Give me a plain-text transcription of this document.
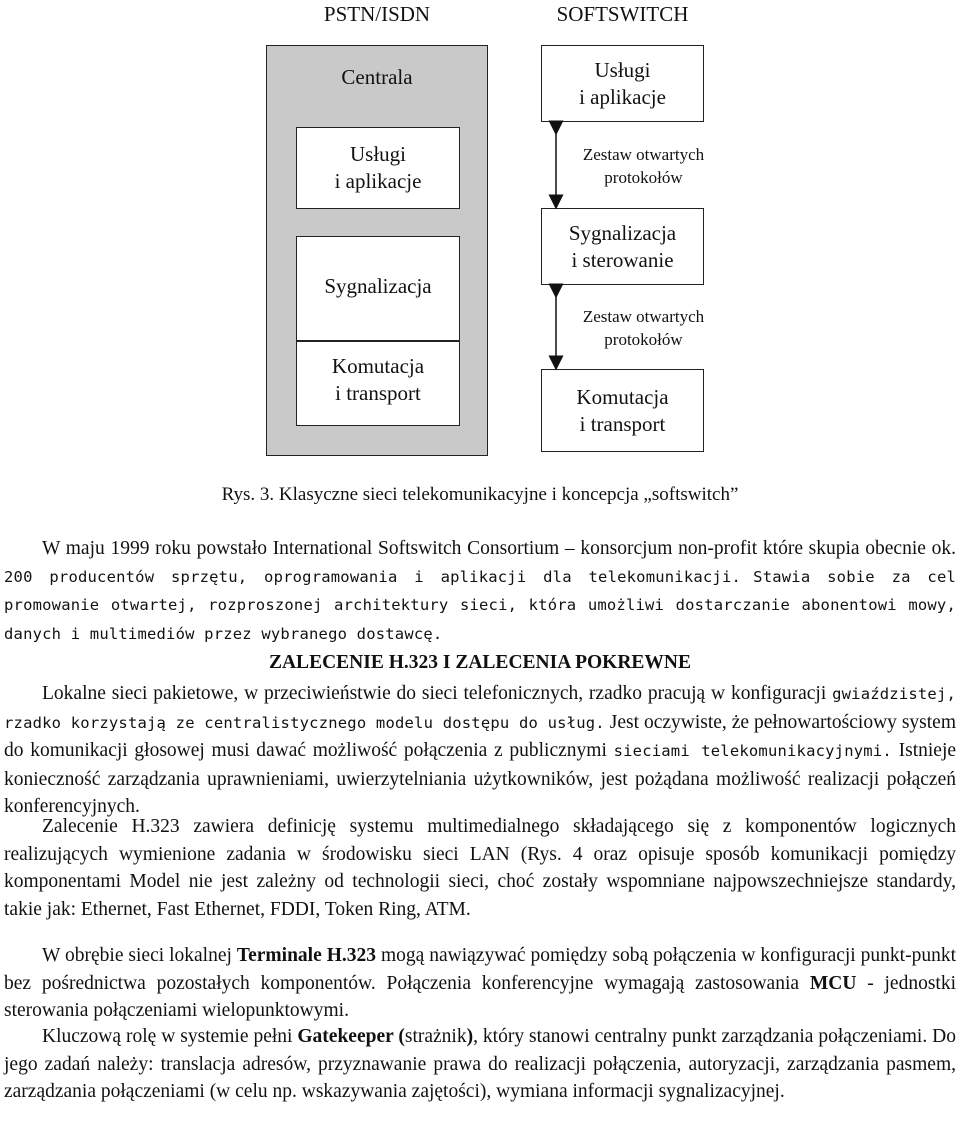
PSTN/ISDN	SOFTSWITCH
Centrala
Usługi
i aplikacje
Sygnalizacja
Komutacja
i transport
Usługi
i aplikacje
Zestaw otwartych
protokołów
Sygnalizacja
i sterowanie
Zestaw otwartych
protokołów
Komutacja
i transport
Rys. 3. Klasyczne sieci telekomunikacyjne i koncepcja „softswitch”

W maju 1999 roku powstało International Softswitch Consortium – konsorcjum non-profit które skupia obecnie ok. 200 producentów sprzętu, oprogramowania i aplikacji dla telekomunikacji. Stawia sobie za cel promowanie otwartej, rozproszonej architektury sieci, która umożliwi dostarczanie abonentowi mowy, danych i multimediów przez wybranego dostawcę.

ZALECENIE H.323 I ZALECENIA POKREWNE

Lokalne sieci pakietowe, w przeciwieństwie do sieci telefonicznych, rzadko pracują w konfiguracji gwiaździstej, rzadko korzystają ze centralistycznego modelu dostępu do usług. Jest oczywiste, że pełnowartościowy system do komunikacji głosowej musi dawać możliwość połączenia z publicznymi sieciami telekomunikacyjnymi. Istnieje konieczność zarządzania uprawnieniami, uwierzytelniania użytkowników, jest pożądana możliwość realizacji połączeń konferencyjnych.

Zalecenie H.323 zawiera definicję systemu multimedialnego składającego się z komponentów logicznych realizujących wymienione zadania w środowisku sieci LAN (Rys. 4 oraz opisuje sposób komunikacji pomiędzy komponentami Model nie jest zależny od technologii sieci, choć zostały wspomniane najpowszechniejsze standardy, takie jak: Ethernet, Fast Ethernet, FDDI, Token Ring, ATM.

W obrębie sieci lokalnej Terminale H.323 mogą nawiązywać pomiędzy sobą połączenia w konfiguracji punkt-punkt bez pośrednictwa pozostałych komponentów. Połączenia konferencyjne wymagają zastosowania MCU - jednostki sterowania połączeniami wielopunktowymi.

Kluczową rolę w systemie pełni Gatekeeper (strażnik), który stanowi centralny punkt zarządzania połączeniami. Do jego zadań należy: translacja adresów, przyznawanie prawa do realizacji połączenia, autoryzacji, zarządzania pasmem, zarządzania połączeniami (w celu np. wskazywania zajętości), wymiana informacji sygnalizacyjnej.
